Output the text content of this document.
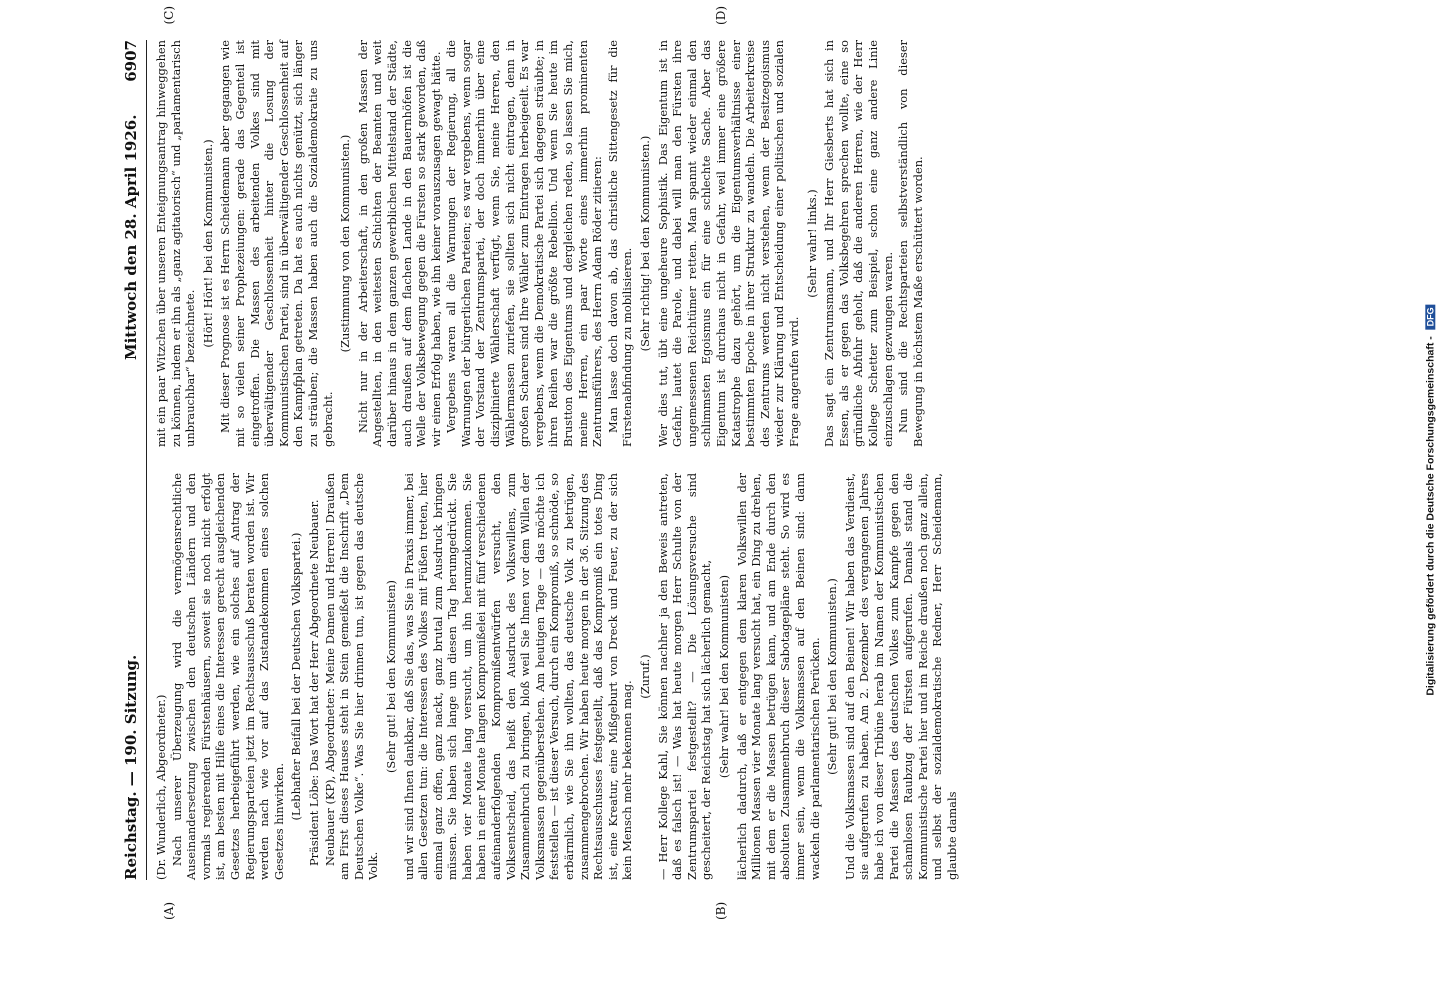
Reichstag. — 190. Sitzung.
Mittwoch den 28. April 1926.
6907
(A)	(B)

(Dr. Wunderlich, Abgeordneter.) Nach unserer Überzeugung wird die vermögensrechtliche Auseinandersetzung zwischen den deutschen Ländern und den vormals regierenden Fürstenhäusern, soweit sie noch nicht erfolgt ist, am besten mit Hilfe eines die Interessen gerecht ausgleichenden Gesetzes herbeigeführt werden, wie ein solches auf Antrag der Regierungsparteien jetzt im Rechtsausschuß beraten worden ist. Wir werden nach wie vor auf das Zustandekommen eines solchen Gesetzes hinwirken.

(Lebhafter Beifall bei der Deutschen Volkspartei.) Präsident Löbe: Das Wort hat der Herr Abgeordnete Neubauer. Neubauer (KP), Abgeordneter: Meine Damen und Herren! Draußen am First dieses Hauses steht in Stein gemeißelt die Inschrift „Dem Deutschen Volke“. Was Sie hier drinnen tun, ist gegen das deutsche Volk.

(Sehr gut! bei den Kommunisten) und wir sind Ihnen dankbar, daß Sie das, was Sie in Praxis immer, bei allen Gesetzen tun: die Interessen des Volkes mit Füßen treten, hier einmal ganz offen, ganz nackt, ganz brutal zum Ausdruck bringen müssen. Sie haben sich lange um diesen Tag herumgedrückt. Sie haben vier Monate lang versucht, um ihn herumzukommen. Sie haben in einer Monate langen Kompromißelei mit fünf verschiedenen aufeinanderfolgenden Kompromißentwürfen versucht, den Volksentscheid, das heißt den Ausdruck des Volkswillens, zum Zusammenbruch zu bringen, bloß weil Sie Ihnen vor dem Willen der Volksmassen gegenüberstehen. Am heutigen Tage — das möchte ich feststellen — ist dieser Versuch, durch ein Kompromiß, so schnöde, so erbärmlich, wie Sie ihn wollten, das deutsche Volk zu betrügen, zusammengebrochen. Wir haben heute morgen in der 36. Sitzung des Rechtsausschusses festgestellt, daß das Kompromiß ein totes Ding ist, eine Kreatur, eine Mißgeburt von Dreck und Feuer, zu der sich kein Mensch mehr bekennen mag.

(Zuruf.) — Herr Kollege Kahl, Sie können nachher ja den Beweis antreten, daß es falsch ist! — Was hat heute morgen Herr Schulte von der Zentrumspartei festgestellt? — Die Lösungsversuche sind gescheitert, der Reichstag hat sich lächerlich gemacht, (Sehr wahr! bei den Kommunisten) lächerlich dadurch, daß er entgegen dem klaren Volkswillen der Millionen Massen vier Monate lang versucht hat, ein Ding zu drehen, mit dem er die Massen betrügen kann, und am Ende durch den absoluten Zusammenbruch dieser Sabotagepläne steht. So wird es immer sein, wenn die Volksmassen auf den Beinen sind: dann wackeln die parlamentarischen Perücken. (Sehr gut! bei den Kommunisten.) Und die Volksmassen sind auf den Beinen! Wir haben das Verdienst, sie aufgerufen zu haben. Am 2. Dezember des vergangenen Jahres habe ich von dieser Tribüne herab im Namen der Kommunistischen Partei die Massen des deutschen Volkes zum Kampfe gegen den schamlosen Raubzug der Fürsten aufgerufen. Damals stand die Kommunistische Partei hier und im Reiche draußen noch ganz allein, und selbst der sozialdemokratische Redner, Herr Scheidemann, glaubte damals

(C)	(D)

mit ein paar Witzchen über unseren Enteignungsantrag hinweggehen zu können, indem er ihn als „ganz agitatorisch“ und „parlamentarisch unbrauchbar“ bezeichnete.

(Hört! Hört! bei den Kommunisten.) Mit dieser Prognose ist es Herrn Scheidemann aber gegangen wie mit so vielen seiner Prophezeiungen: gerade das Gegenteil ist eingetroffen. Die Massen des arbeitenden Volkes sind mit überwältigender Geschlossenheit hinter die Losung der Kommunistischen Partei, sind in überwältigender Geschlossenheit auf den Kampfplan getreten. Da hat es auch nichts genützt, sich länger zu sträuben; die Massen haben auch die Sozialdemokratie zu uns gebracht.

(Zustimmung von den Kommunisten.) Nicht nur in der Arbeiterschaft, in den großen Massen der Angestellten, in den weitesten Schichten der Beamten und weit darüber hinaus in dem ganzen gewerblichen Mittelstand der Städte, auch draußen auf dem flachen Lande in den Bauernhöfen ist die Welle der Volksbewegung gegen die Fürsten so stark geworden, daß wir einen Erfolg haben, wie ihn keiner vorauszusagen gewagt hätte. Vergebens waren all die Warnungen der Regierung, all die Warnungen der bürgerlichen Parteien; es war vergebens, wenn sogar der Vorstand der Zentrumspartei, der doch immerhin über eine disziplinierte Wählerschaft verfügt, wenn Sie, meine Herren, den Wählermassen zuriefen, sie sollten sich nicht eintragen, denn in großen Scharen sind Ihre Wähler zum Eintragen herbeigeeilt. Es war vergebens, wenn die Demokratische Partei sich dagegen sträubte; in ihren Reihen war die größte Rebellion. Und wenn Sie heute im Brustton des Eigentums und dergleichen reden, so lassen Sie mich, meine Herren, ein paar Worte eines immerhin prominenten Zentrumsführers, des Herrn Adam Röder zitieren: Man lasse doch davon ab, das christliche Sittengesetz für die Fürstenabfindung zu mobilisieren. (Sehr richtig! bei den Kommunisten.) Wer dies tut, übt eine ungeheure Sophistik. Das Eigentum ist in Gefahr, lautet die Parole, und dabei will man den Fürsten ihre ungemessenen Reichtümer retten. Man spannt wieder einmal den schlimmsten Egoismus ein für eine schlechte Sache. Aber das Eigentum ist durchaus nicht in Gefahr, weil immer eine größere Katastrophe dazu gehört, um die Eigentumsverhältnisse einer bestimmten Epoche in ihrer Struktur zu wandeln. Die Arbeiterkreise des Zentrums werden nicht verstehen, wenn der Besitzegoismus wieder zur Klärung und Entscheidung einer politischen und sozialen Frage angerufen wird.

(Sehr wahr! links.) Das sagt ein Zentrumsmann, und Ihr Herr Giesberts hat sich in Essen, als er gegen das Volksbegehren sprechen wollte, eine so gründliche Abfuhr geholt, daß die anderen Herren, wie der Herr Kollege Schetter zum Beispiel, schon eine ganz andere Linie einzuschlagen gezwungen waren. Nun sind die Rechtsparteien selbstverständlich von dieser Bewegung in höchstem Maße erschüttert worden.

Digitalisierung gefördert durch die Deutsche Forschungsgemeinschaft - DFG
